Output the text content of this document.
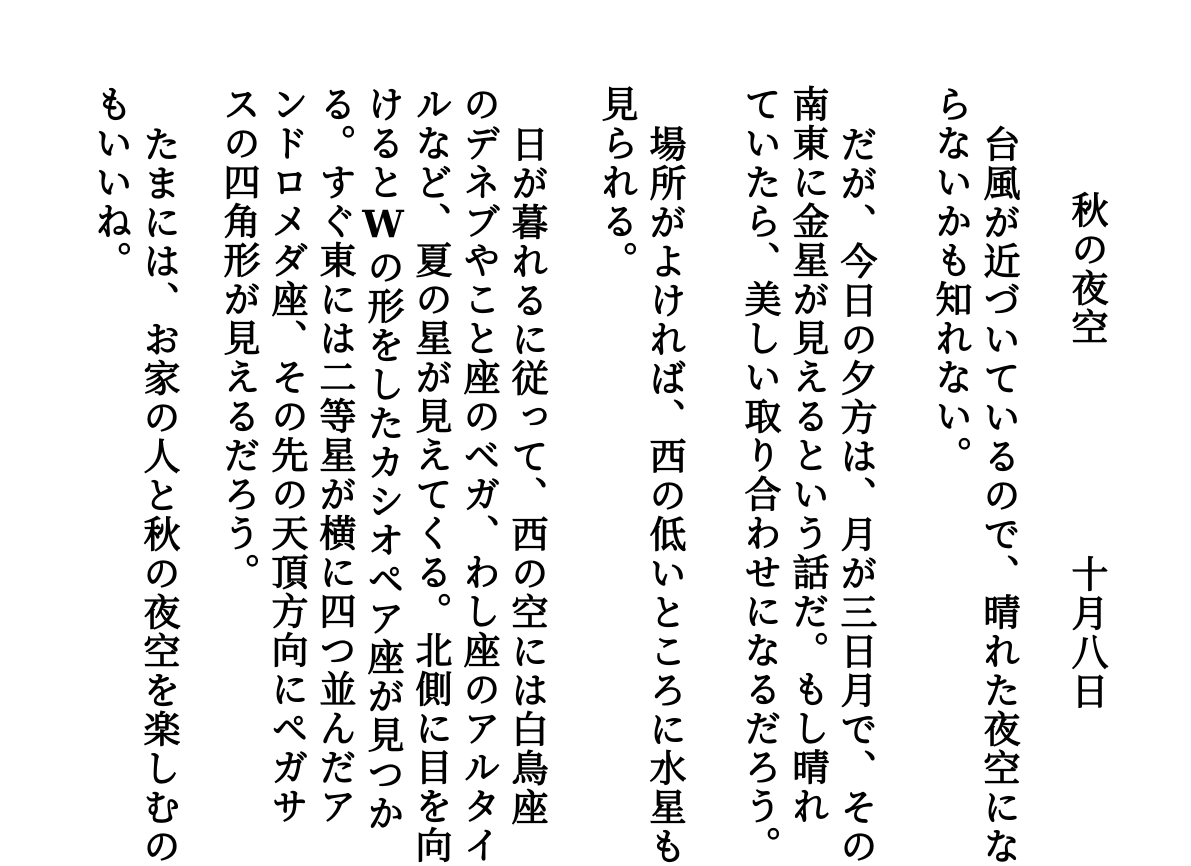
秋の夜空
十月八日
台風が近づいているので、晴れた夜空にな
らないかも知れない。
だが、今日の夕方は、月が三日月で、その
南東に金星が見えるという話だ。もし晴れ
ていたら、美しい取り合わせになるだろう。
場所がよければ、西の低いところに水星も
見られる。
日が暮れるに従って、西の空には白鳥座
のデネブやこと座のベガ、わし座のアルタイ
ルなど、夏の星が見えてくる。北側に目を向
けるとWの形をしたカシオペア座が見つか
る。すぐ東には二等星が横に四つ並んだア
ンドロメダ座、その先の天頂方向にペガサ
スの四角形が見えるだろう。
たまには、お家の人と秋の夜空を楽しむの
もいいね。
